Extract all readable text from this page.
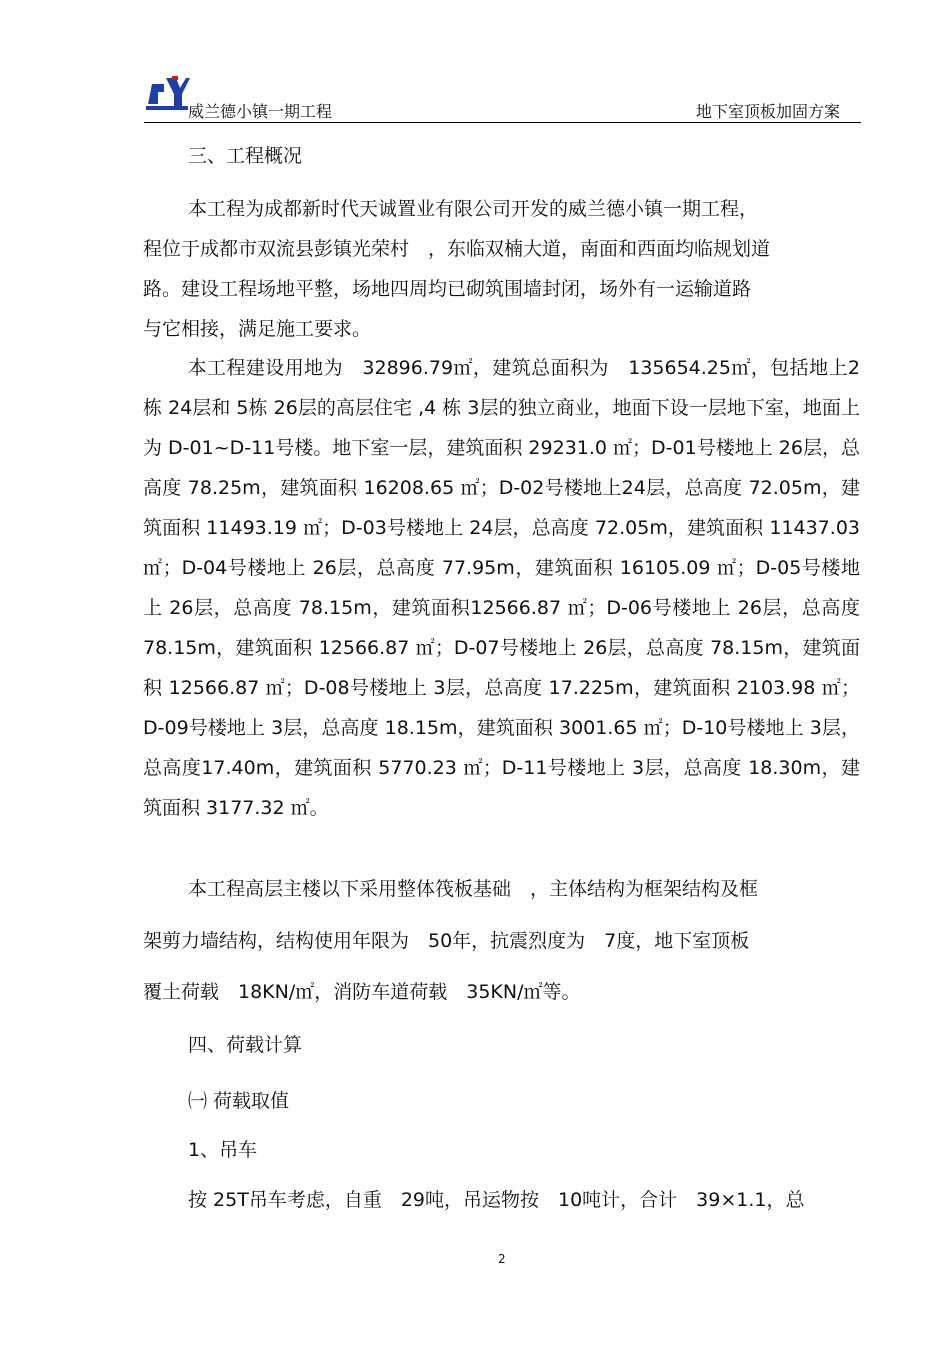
威兰德小镇一期工程	地下室顶板加固方案
三、工程概况
本工程为成都新时代天诚置业有限公司开发的威兰德小镇一期工程，
程位于成都市双流县彭镇光荣村　，东临双楠大道，南面和西面均临规划道
路。建设工程场地平整，场地四周均已砌筑围墙封闭，场外有一运输道路
与它相接，满足施工要求。
本工程建设用地为　32896.79㎡，建筑总面积为　135654.25㎡，包括地上2栋 24层和 5栋 26层的高层住宅 ,4 栋 3层的独立商业，地面下设一层地下室，地面上为 D-01~D-11号楼。地下室一层，建筑面积 29231.0 ㎡；D-01号楼地上 26层，总高度 78.25m，建筑面积 16208.65 ㎡；D-02号楼地上24层，总高度 72.05m，建筑面积 11493.19 ㎡；D-03号楼地上 24层，总高度 72.05m，建筑面积 11437.03 ㎡；D-04号楼地上 26层，总高度 77.95m，建筑面积 16105.09 ㎡；D-05号楼地上 26层，总高度 78.15m，建筑面积12566.87 ㎡；D-06号楼地上 26层，总高度 78.15m，建筑面积 12566.87 ㎡；D-07号楼地上 26层，总高度 78.15m，建筑面积 12566.87 ㎡；D-08号楼地上 3层，总高度 17.225m，建筑面积 2103.98 ㎡；D-09号楼地上 3层，总高度 18.15m，建筑面积 3001.65 ㎡；D-10号楼地上 3层，总高度17.40m，建筑面积 5770.23 ㎡；D-11号楼地上 3层，总高度 18.30m，建筑面积 3177.32 ㎡。
本工程高层主楼以下采用整体筏板基础　，主体结构为框架结构及框
架剪力墙结构，结构使用年限为　50年，抗震烈度为　7度，地下室顶板
覆土荷载　18KN/㎡，消防车道荷载　35KN/㎡等。
四、荷载计算
㈠ 荷载取值
1、吊车
按 25T吊车考虑，自重　29吨，吊运物按　10吨计，合计　39×1.1，总
2
